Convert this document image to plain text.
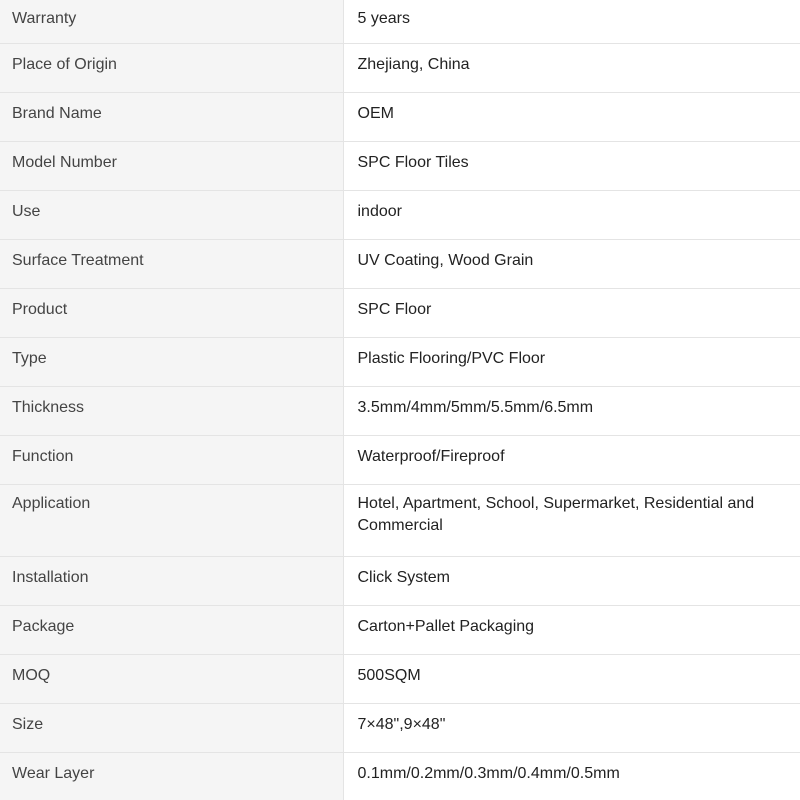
Warranty	5 years
Place of Origin	Zhejiang, China
Brand Name	OEM
Model Number	SPC Floor Tiles
Use	indoor
Surface Treatment	UV Coating, Wood Grain
Product	SPC Floor
Type	Plastic Flooring/PVC Floor
Thickness	3.5mm/4mm/5mm/5.5mm/6.5mm
Function	Waterproof/Fireproof
Application	Hotel, Apartment, School, Supermarket, Residential and Commercial
Installation	Click System
Package	Carton+Pallet Packaging
MOQ	500SQM
Size	7×48",9×48"
Wear Layer	0.1mm/0.2mm/0.3mm/0.4mm/0.5mm
